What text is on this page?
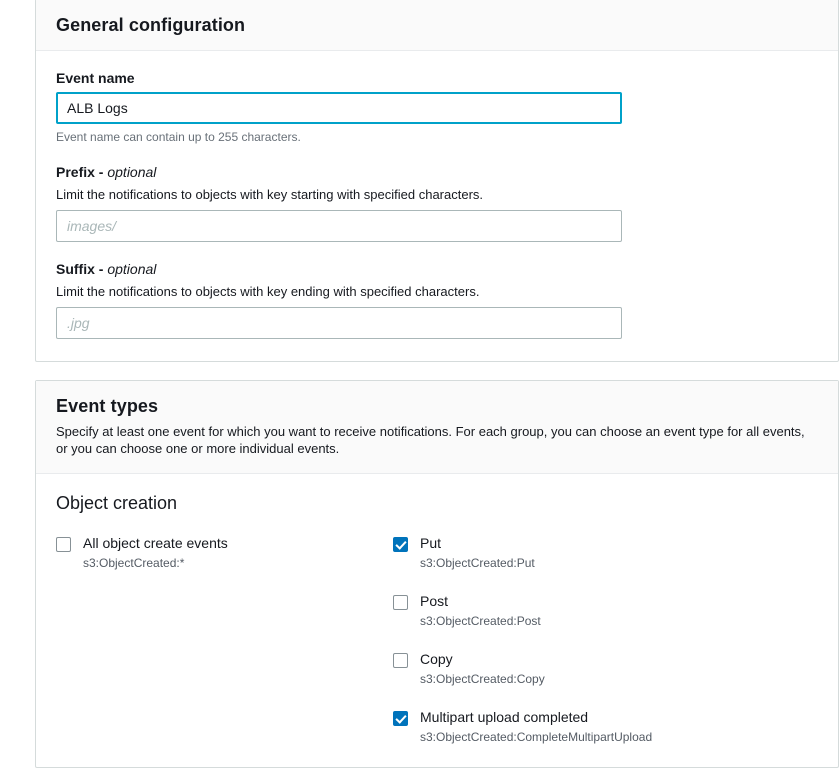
General configuration
Event name
ALB Logs

Event name can contain up to 255 characters.

Prefix - optional

Limit the notifications to objects with key starting with specified characters.

images/
Suffix - optional

Limit the notifications to objects with key ending with specified characters.

.jpg
Event types

Specify at least one event for which you want to receive notifications. For each group, you can choose an event type for all events, or you can choose one or more individual events.

Object creation
All object create events
s3:ObjectCreated:*
Put
s3:ObjectCreated:Put
Post
s3:ObjectCreated:Post
Copy
s3:ObjectCreated:Copy
Multipart upload completed
s3:ObjectCreated:CompleteMultipartUpload
